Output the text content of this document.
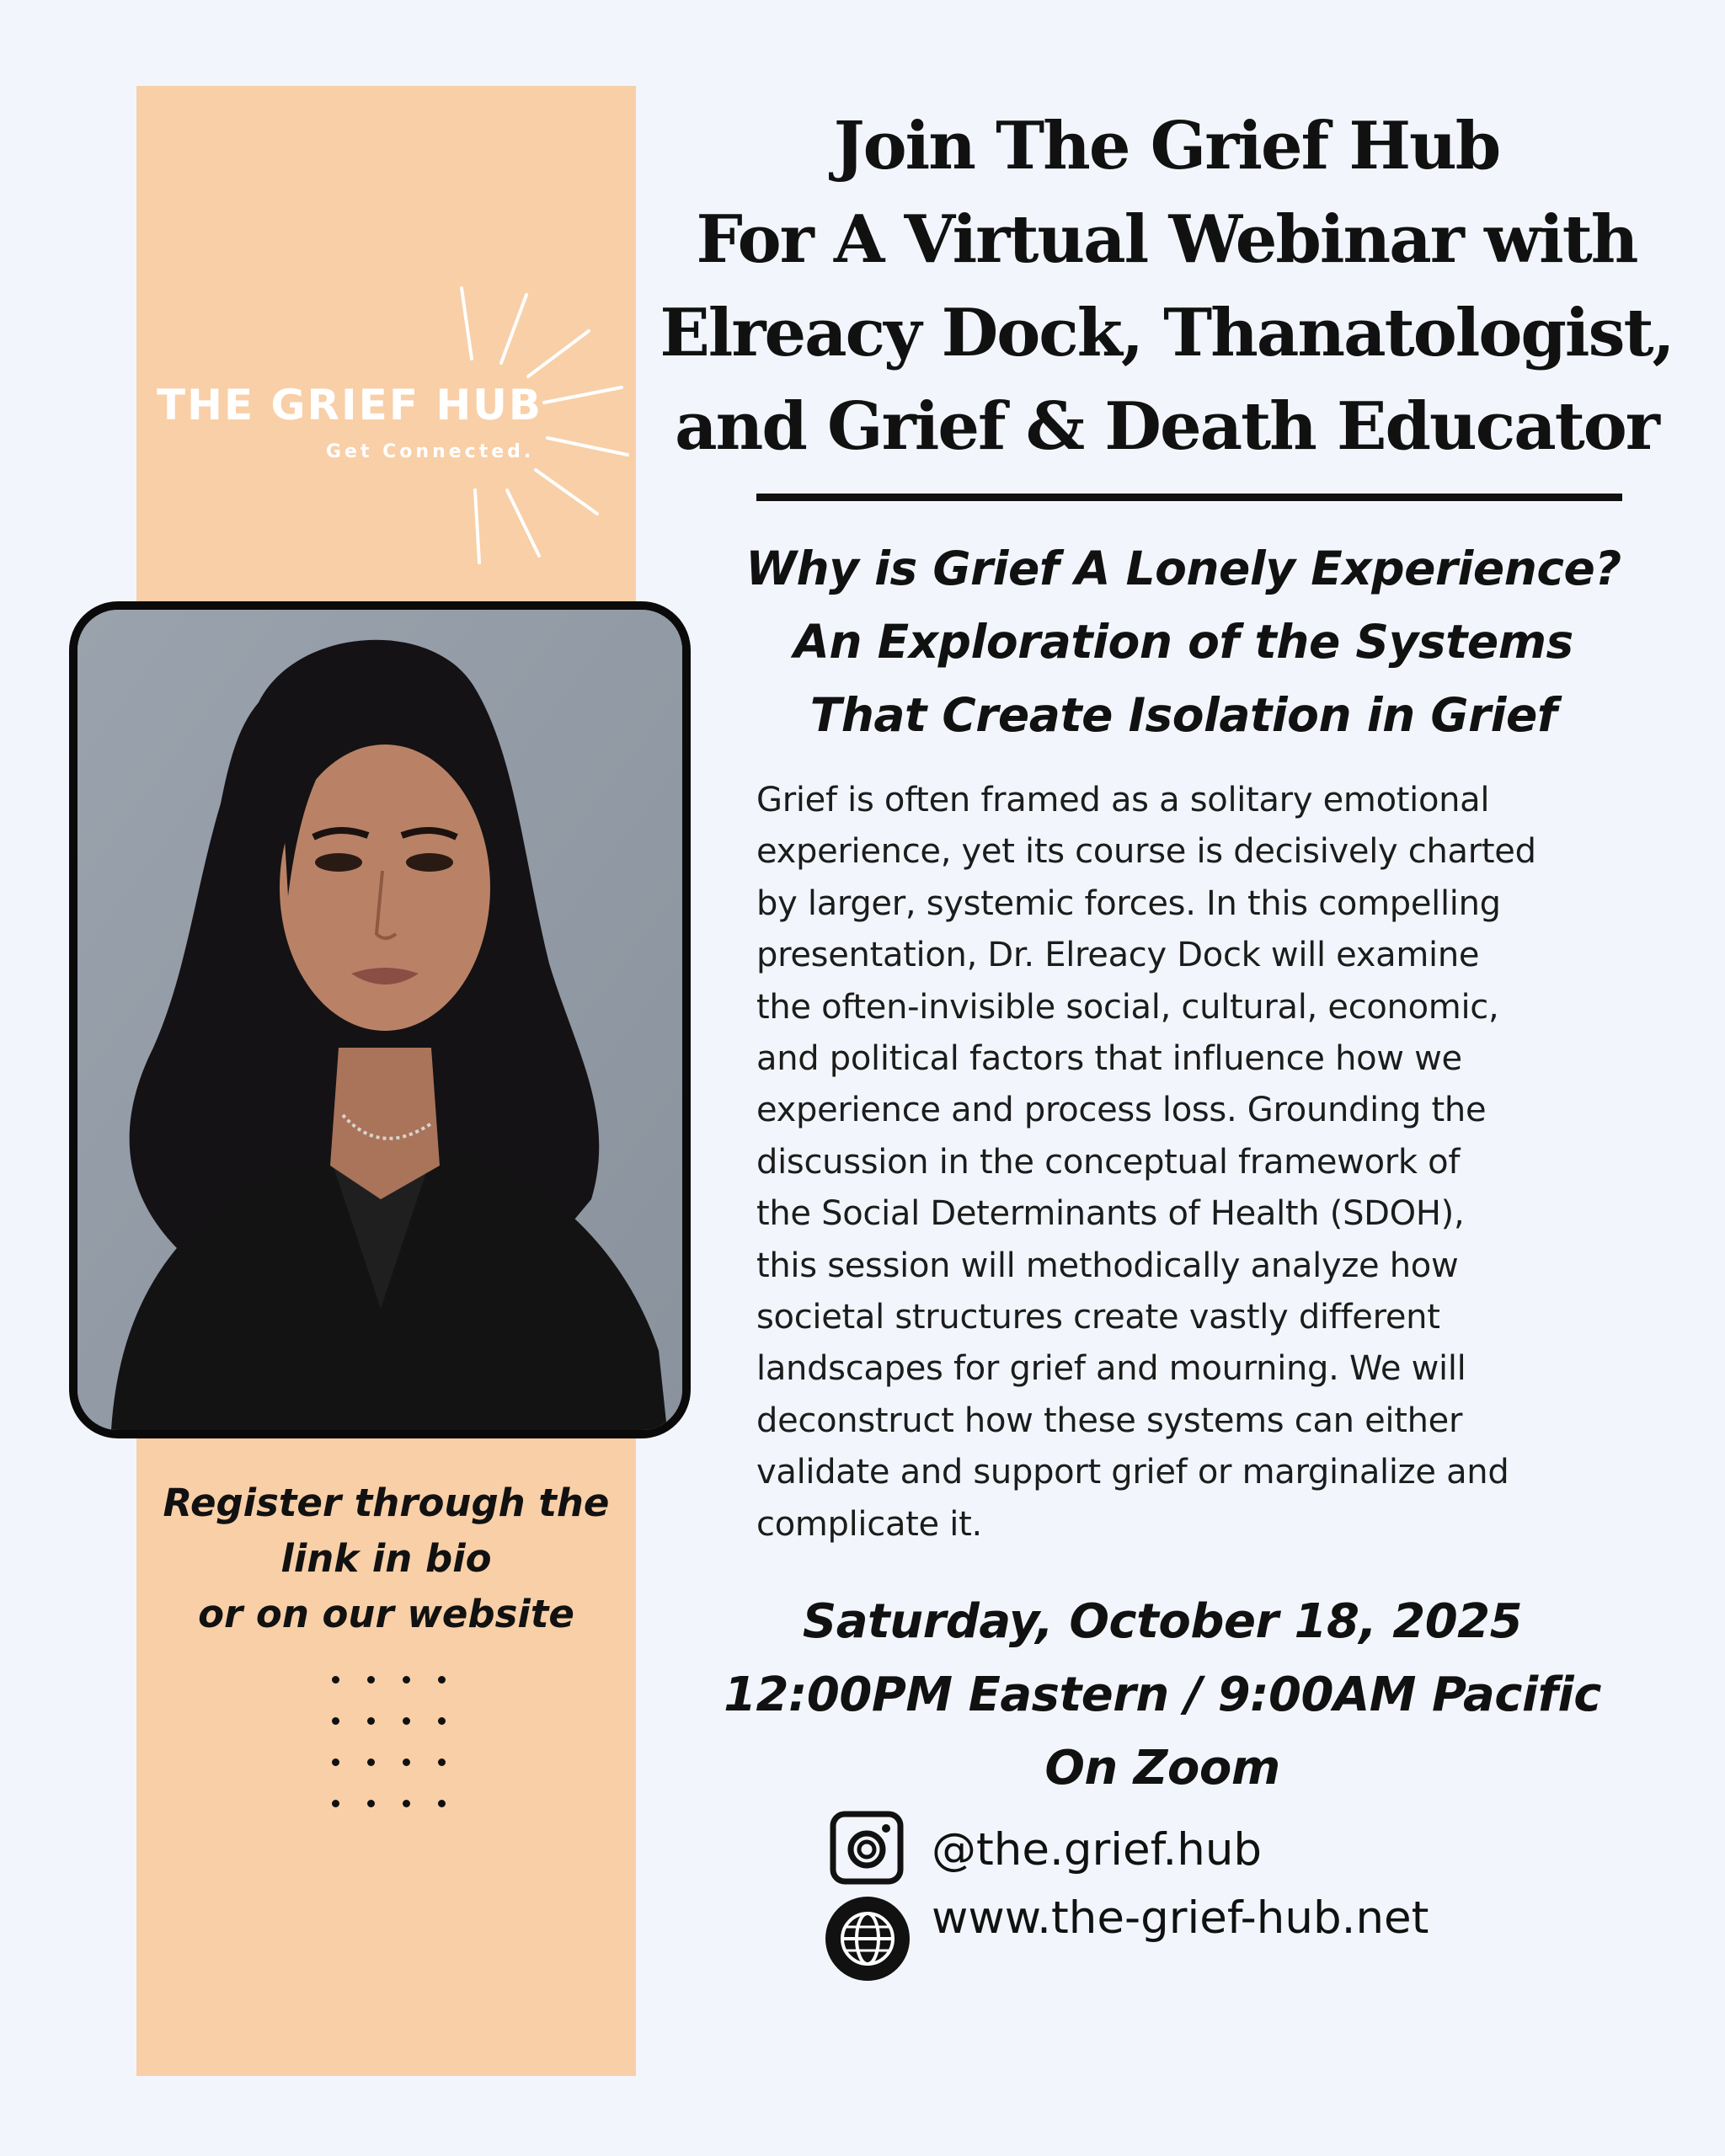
THE GRIEF HUB
Get Connected.
Register through the
link in bio
or on our website
Join The Grief Hub
For A Virtual Webinar with
Elreacy Dock, Thanatologist,
and Grief & Death Educator
Why is Grief A Lonely Experience?
An Exploration of the Systems
That Create Isolation in Grief
Grief is often framed as a solitary emotional
experience, yet its course is decisively charted
by larger, systemic forces. In this compelling
presentation, Dr. Elreacy Dock will examine
the often-invisible social, cultural, economic,
and political factors that influence how we
experience and process loss. Grounding the
discussion in the conceptual framework of
the Social Determinants of Health (SDOH),
this session will methodically analyze how
societal structures create vastly different
landscapes for grief and mourning. We will
deconstruct how these systems can either
validate and support grief or marginalize and
complicate it.
Saturday, October 18, 2025
12:00PM Eastern / 9:00AM Pacific
On Zoom
@the.grief.hub
www.the-grief-hub.net
